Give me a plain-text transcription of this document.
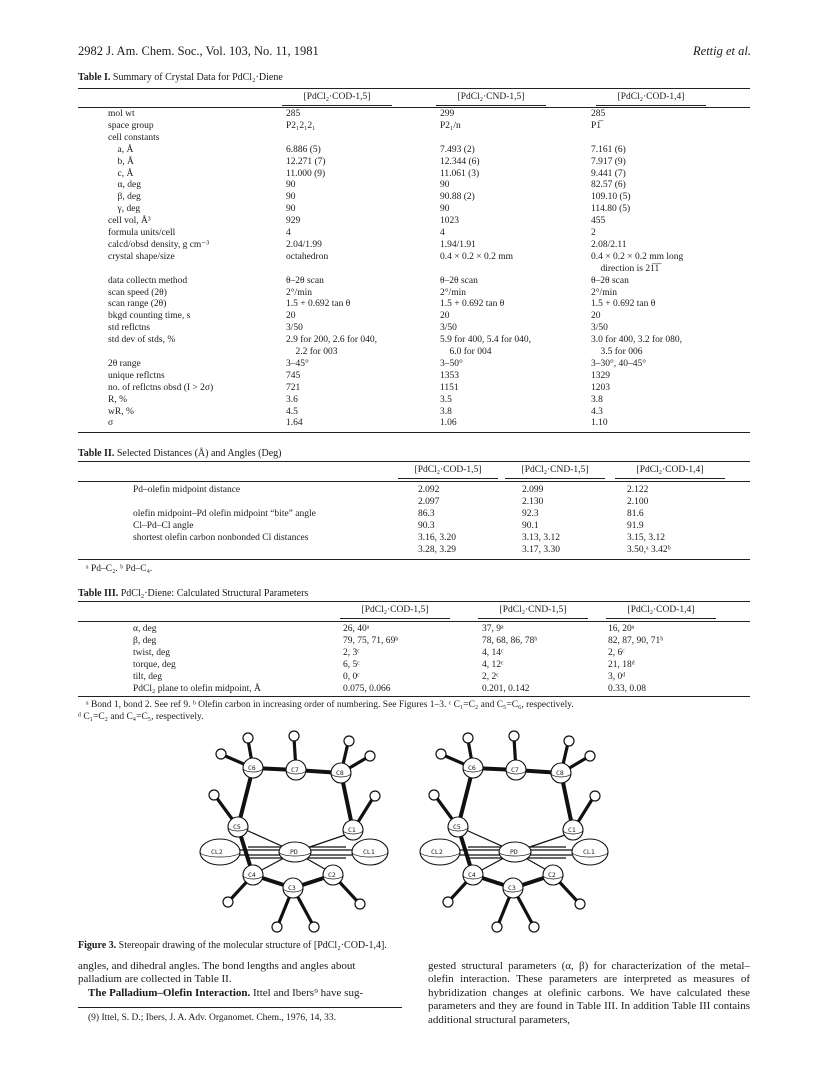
2982 J. Am. Chem. Soc., Vol. 103, No. 11, 1981	Rettig et al.
Table I. Summary of Crystal Data for PdCl₂·Diene
[PdCl₂·COD-1,5]	[PdCl₂·CND-1,5]	[PdCl₂·COD-1,4]
mol wt	285	299	285
space group	P2₁2₁2₁	P2₁/n	P1̅
cell constants
a, Å	6.886 (5)	7.493 (2)	7.161 (6)
b, Å	12.271 (7)	12.344 (6)	7.917 (9)
c, Å	11.000 (9)	11.061 (3)	9.441 (7)
α, deg	90	90	82.57 (6)
β, deg	90	90.88 (2)	109.10 (5)
γ, deg	90	90	114.80 (5)
cell vol, Å³	929	1023	455
formula units/cell	4	4	2
calcd/obsd density, g cm⁻³	2.04/1.99	1.94/1.91	2.08/2.11
crystal shape/size	octahedron	0.4 × 0.2 × 0.2 mm	0.4 × 0.2 × 0.2 mm long
direction is 21̅1̅
data collectn method	θ–2θ scan	θ–2θ scan	θ–2θ scan
scan speed (2θ)	2°/min	2°/min	2°/min
scan range (2θ)	1.5 + 0.692 tan θ	1.5 + 0.692 tan θ	1.5 + 0.692 tan θ
bkgd counting time, s	20	20	20
std reflctns	3/50	3/50	3/50
std dev of stds, %	2.9 for 200, 2.6 for 040,	5.9 for 400, 5.4 for 040,	3.0 for 400, 3.2 for 080,
2.2 for 003	6.0 for 004	3.5 for 006
2θ range	3–45°	3–50°	3–30°, 40–45°
unique reflctns	745	1353	1329
no. of reflctns obsd (I > 2σ)	721	1151	1203
R, %	3.6	3.5	3.8
wR, %	4.5	3.8	4.3
σ	1.64	1.06	1.10
Table II. Selected Distances (Å) and Angles (Deg)
[PdCl₂·COD-1,5]	[PdCl₂·CND-1,5]	[PdCl₂·COD-1,4]
Pd–olefin midpoint distance	2.092	2.099	2.122
2.097	2.130	2.100
olefin midpoint–Pd olefin midpoint “bite” angle	86.3	92.3	81.6
Cl–Pd–Cl angle	90.3	90.1	91.9
shortest olefin carbon nonbonded Cl distances	3.16, 3.20	3.13, 3.12	3.15, 3.12
3.28, 3.29	3.17, 3.30	3.50,ᵃ 3.42ᵇ
ᵃ Pd–C₂. ᵇ Pd–C₄.
Table III. PdCl₂·Diene: Calculated Structural Parameters
[PdCl₂·COD-1,5]	[PdCl₂·CND-1,5]	[PdCl₂·COD-1,4]
α, deg	26, 40ᵃ	37, 9ᵃ	16, 20ᵃ
β, deg	79, 75, 71, 69ᵇ	78, 68, 86, 78ᵇ	82, 87, 90, 71ᵇ
twist, deg	2, 3ᶜ	4, 14ᶜ	2, 6ᶜ
torque, deg	6, 5ᶜ	4, 12ᶜ	21, 18ᵈ
tilt, deg	0, 0ᶜ	2, 2ᶜ	3, 0ᵈ
PdCl₂ plane to olefin midpoint, Å	0.075, 0.066	0.201, 0.142	0.33, 0.08
ᵃ Bond 1, bond 2. See ref 9. ᵇ Olefin carbon in increasing order of numbering. See Figures 1–3. ᶜ C₁=C₂ and C₅=C₆, respectively.
ᵈ C₁=C₂ and C₄=C₅, respectively.
C6	C7	C8
C5	C1
CL2	PD	CL1
C4	C2
C3
C6	C7	C8
C5	C1
CL2	PD	CL1
C4	C2
C3
Figure 3. Stereopair drawing of the molecular structure of [PdCl₂·COD-1,4].
angles, and dihedral angles. The bond lengths and angles about palladium are collected in Table II.
The Palladium–Olefin Interaction. Ittel and Ibers⁹ have sug-
(9) Ittel, S. D.; Ibers, J. A. Adv. Organomet. Chem., 1976, 14, 33.
gested structural parameters (α, β) for characterization of the metal–olefin interaction. These parameters are interpreted as measures of hybridization changes at olefinic carbons. We have calculated these parameters and they are found in Table III. In addition Table III contains additional structural parameters,
